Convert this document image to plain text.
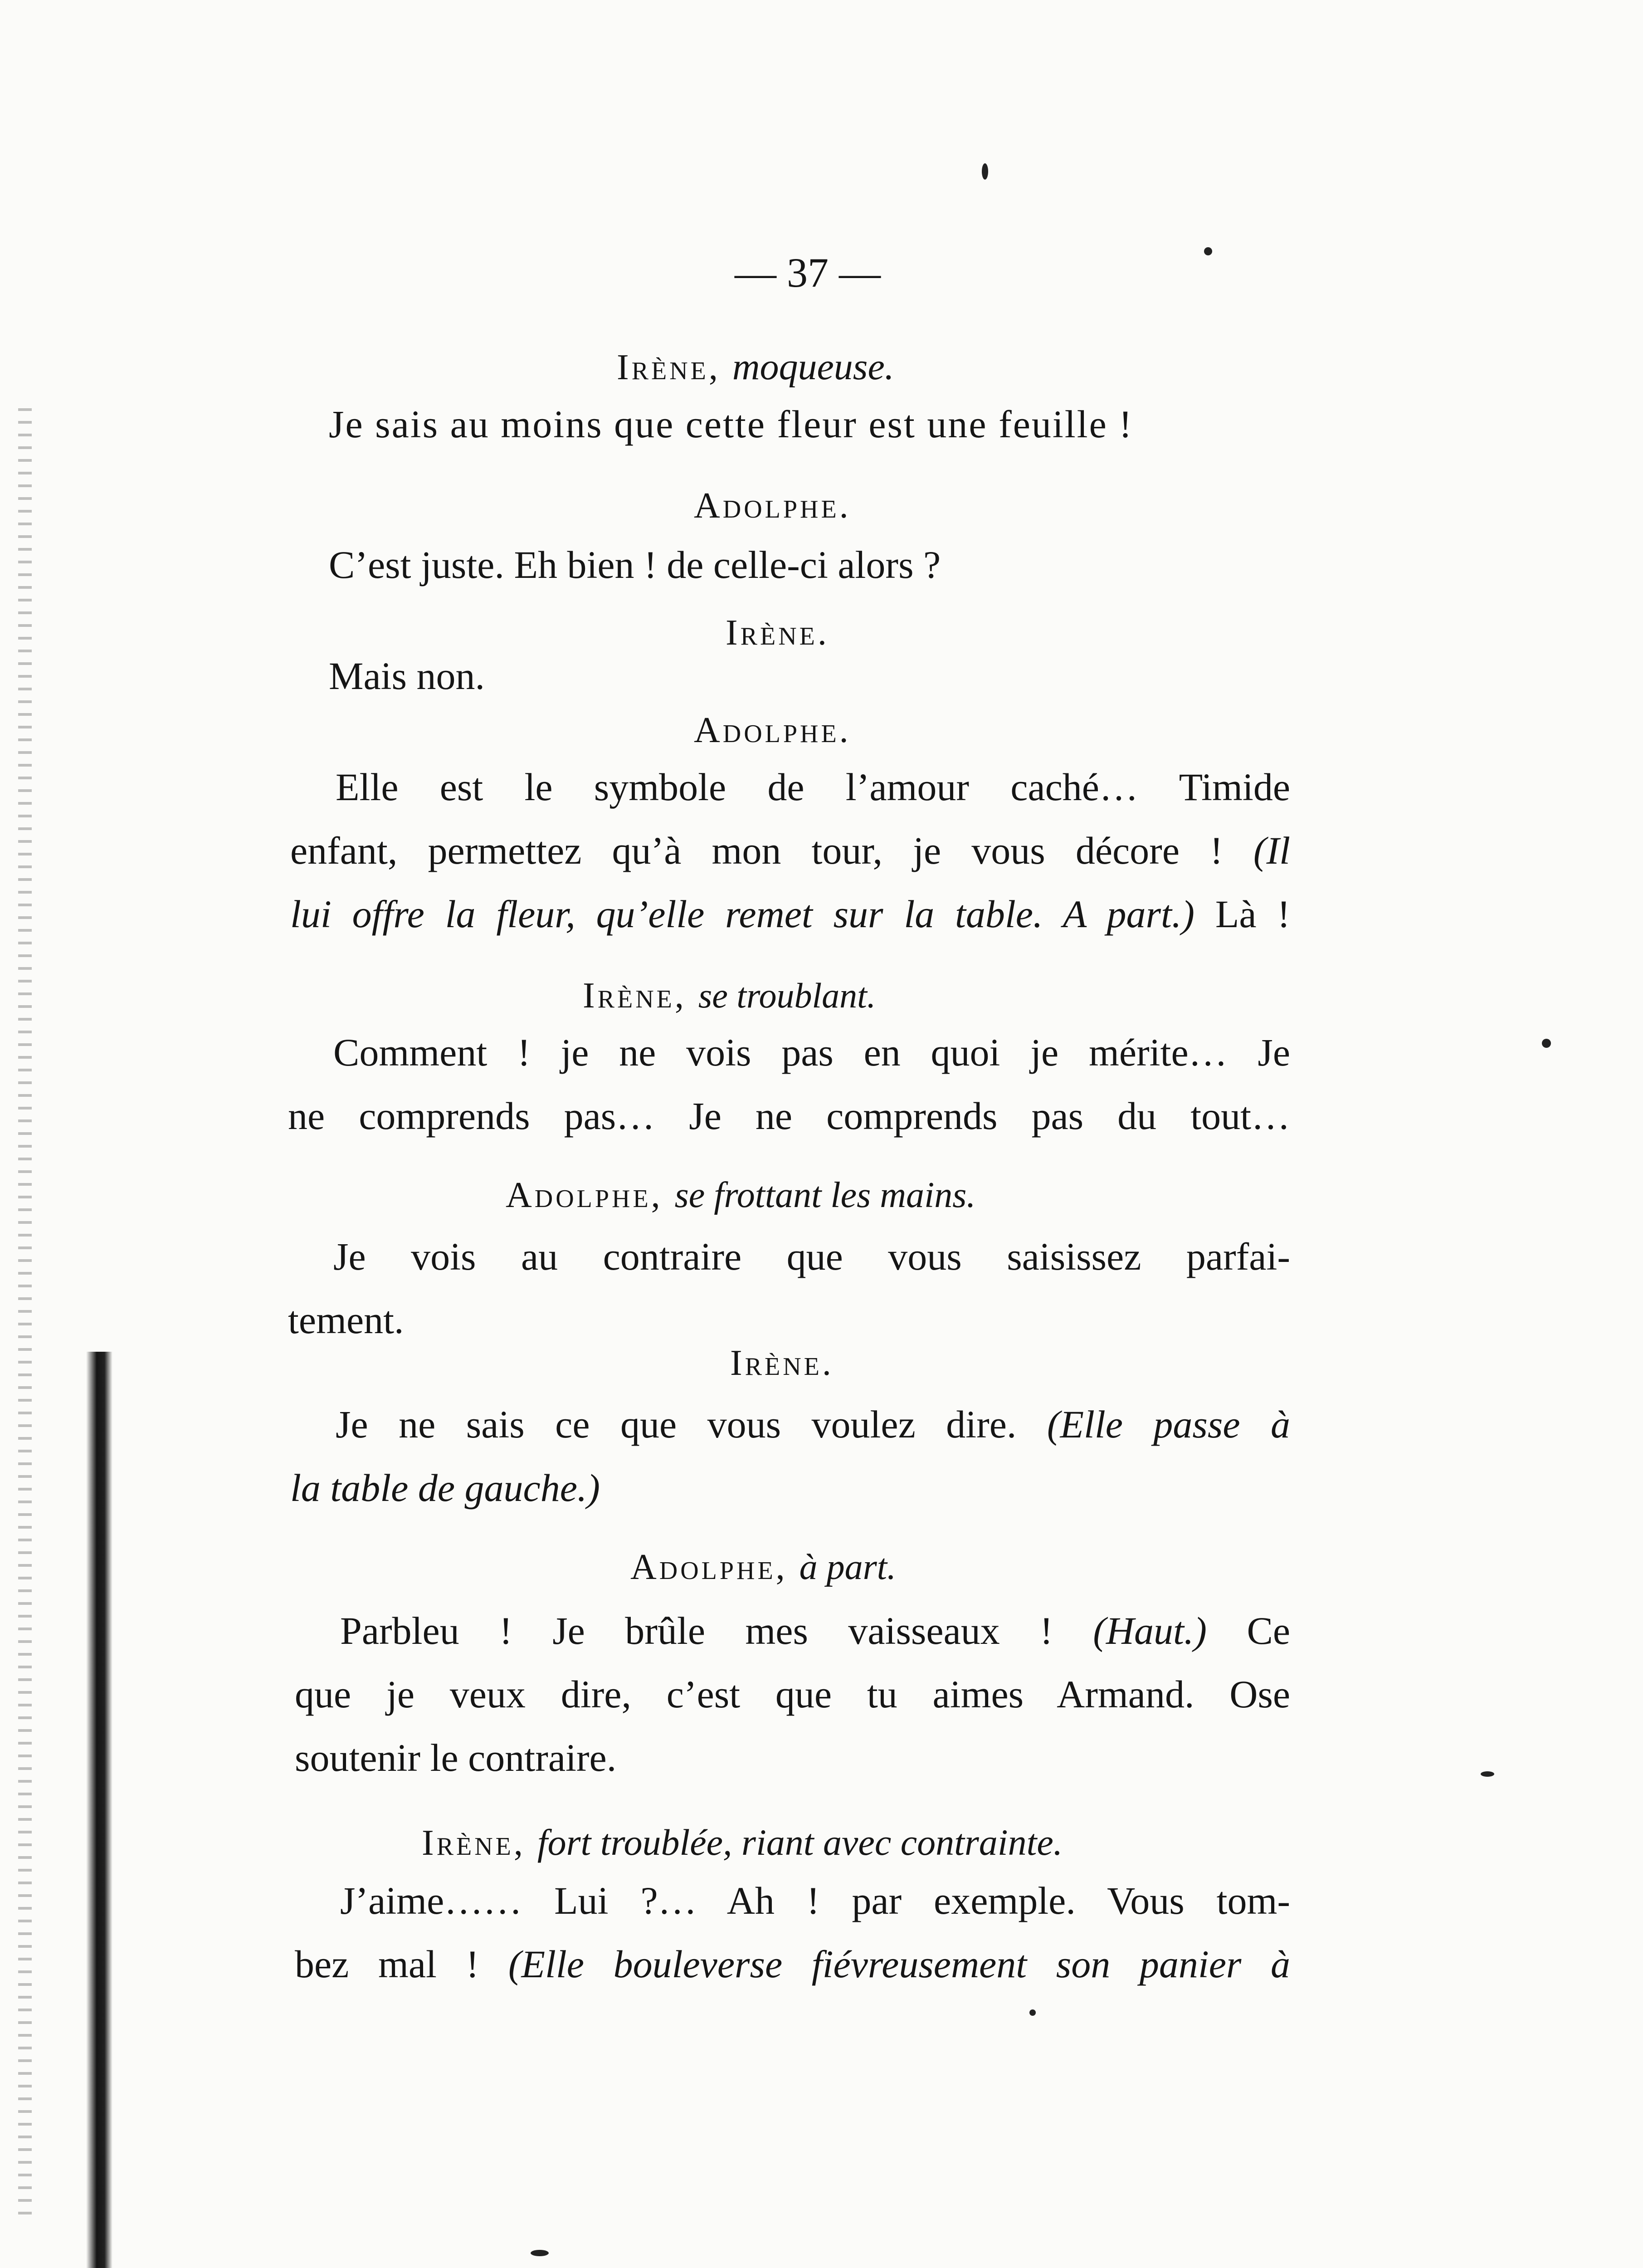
— 37 —
Irène, moqueuse.
Je sais au moins que cette fleur est une feuille !
Adolphe.
C’est juste. Eh bien ! de celle-ci alors ?
Irène.
Mais non.
Adolphe.
Elle est le symbole de l’amour caché… Timide
enfant, permettez qu’à mon tour, je vous décore ! (Il
lui offre la fleur, qu’elle remet sur la table. A part.) Là !
Irène, se troublant.
Comment ! je ne vois pas en quoi je mérite… Je
ne comprends pas… Je ne comprends pas du tout…
Adolphe, se frottant les mains.
Je vois au contraire que vous saisissez parfai-
tement.
Irène.
Je ne sais ce que vous voulez dire. (Elle passe à
la table de gauche.)
Adolphe, à part.
Parbleu ! Je brûle mes vaisseaux ! (Haut.) Ce
que je veux dire, c’est que tu aimes Armand. Ose
soutenir le contraire.
Irène, fort troublée, riant avec contrainte.
J’aime…… Lui ?… Ah ! par exemple. Vous tom-
bez mal ! (Elle bouleverse fiévreusement son panier à
